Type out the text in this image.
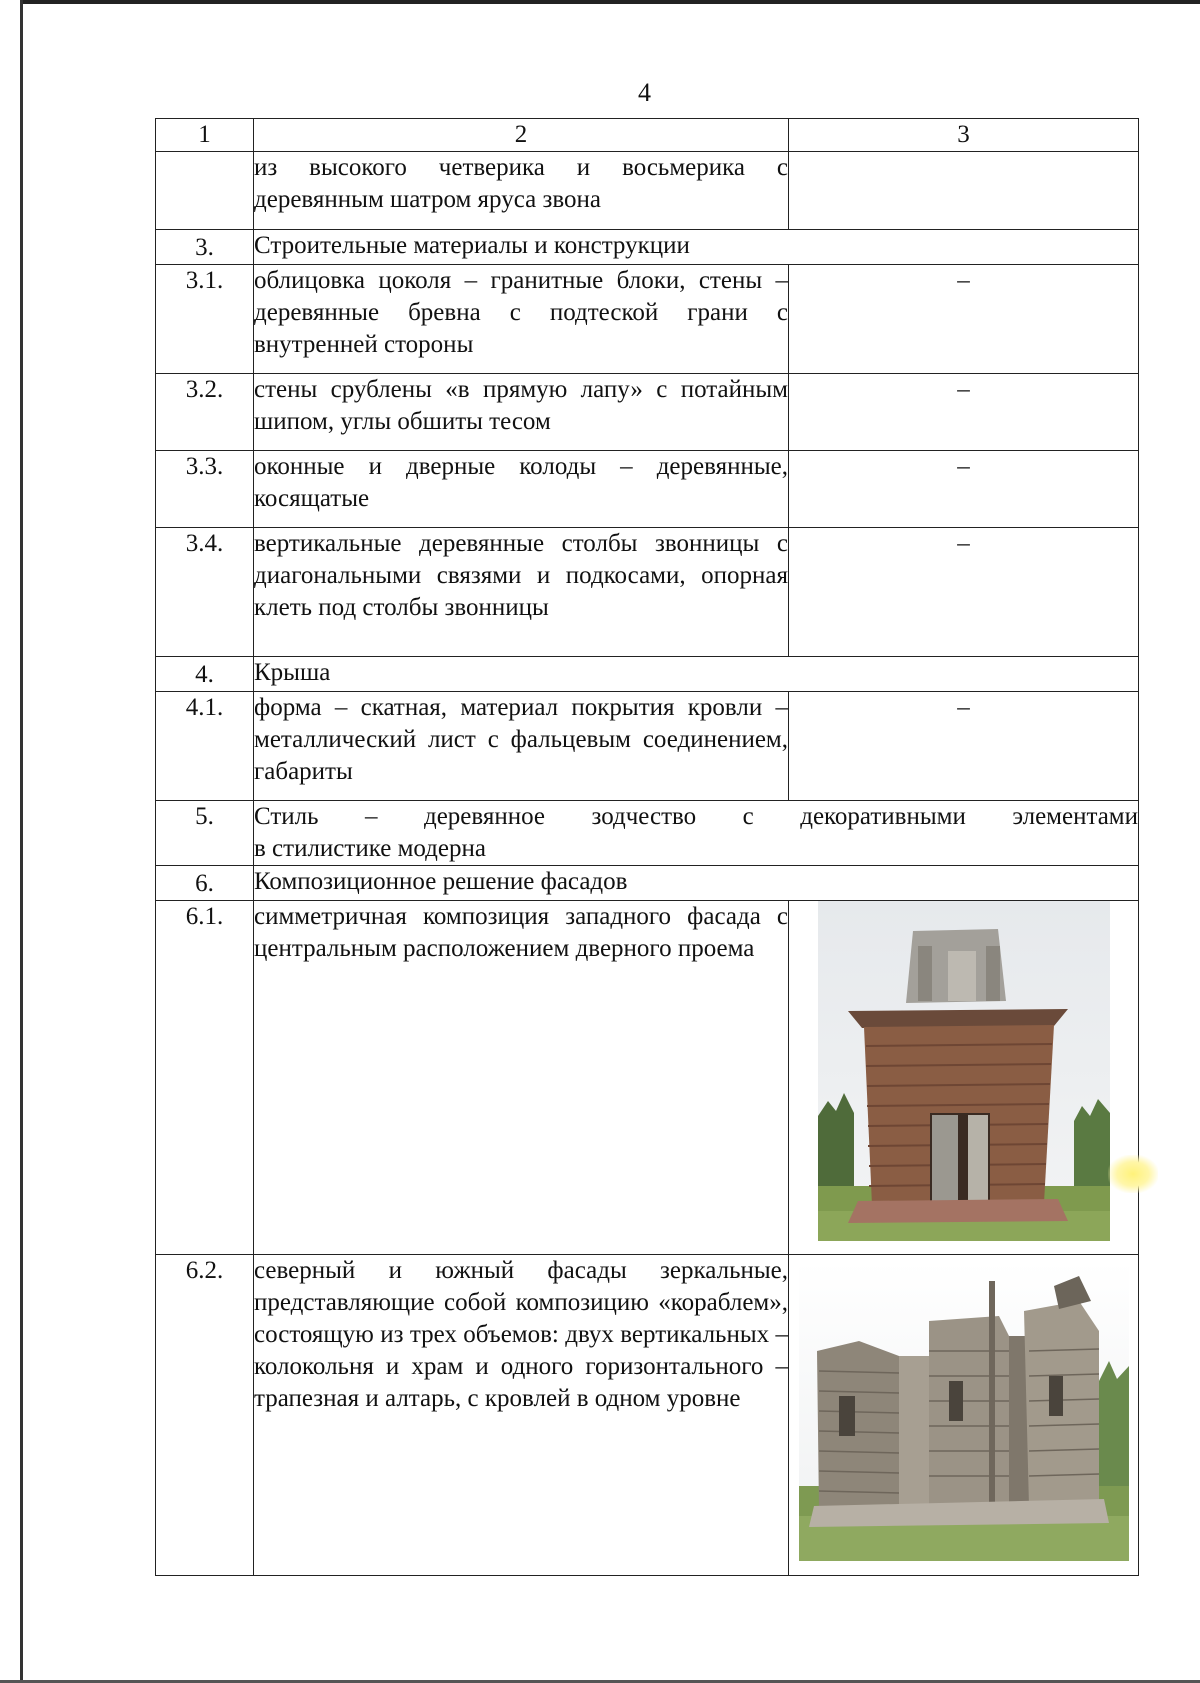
4
1	2	3
	из высокого четверика и восьмерика с деревянным шатром яруса звона	
3.	Строительные материалы и конструкции	
3.1.	облицовка цоколя – гранитные блоки, стены – деревянные бревна с подтеской грани с внутренней стороны	–
3.2.	стены срублены «в прямую лапу» с потайным шипом, углы обшиты тесом	–
3.3.	оконные и дверные колоды – деревянные, косящатые	–
3.4.	вертикальные деревянные столбы звонницы с диагональными связями и подкосами, опорная клеть под столбы звонницы	–
4.	Крыша	
4.1.	форма – скатная, материал покрытия кровли – металлический лист с фальцевым соединением, габариты	–
5.	Стиль – деревянное зодчество с декоративными элементами
в стилистике модерна	

6.	Композиционное решение фасадов	
6.1.	симметричная композиция западного фасада с центральным расположением дверного проема	
6.2.	северный и южный фасады зеркальные, представляющие собой композицию «кораблем», состоящую из трех объемов: двух вертикальных – колокольня и храм и одного горизонтального – трапезная и алтарь, с кровлей в одном уровне	
